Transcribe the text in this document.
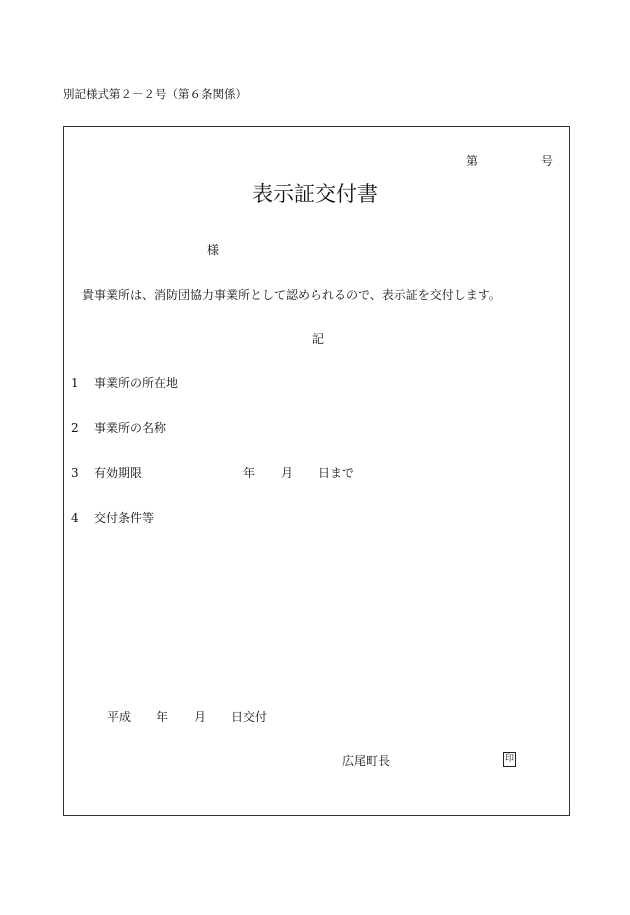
別記様式第２－２号（第６条関係）
第	号
表示証交付書
様
貴事業所は、消防団協力事業所として認められるので、表示証を交付します。
記
1 事業所の所在地
2 事業所の名称
3 有効期限	年 月 日まで
4 交付条件等
平成 年 月 日交付
広尾町長	印
